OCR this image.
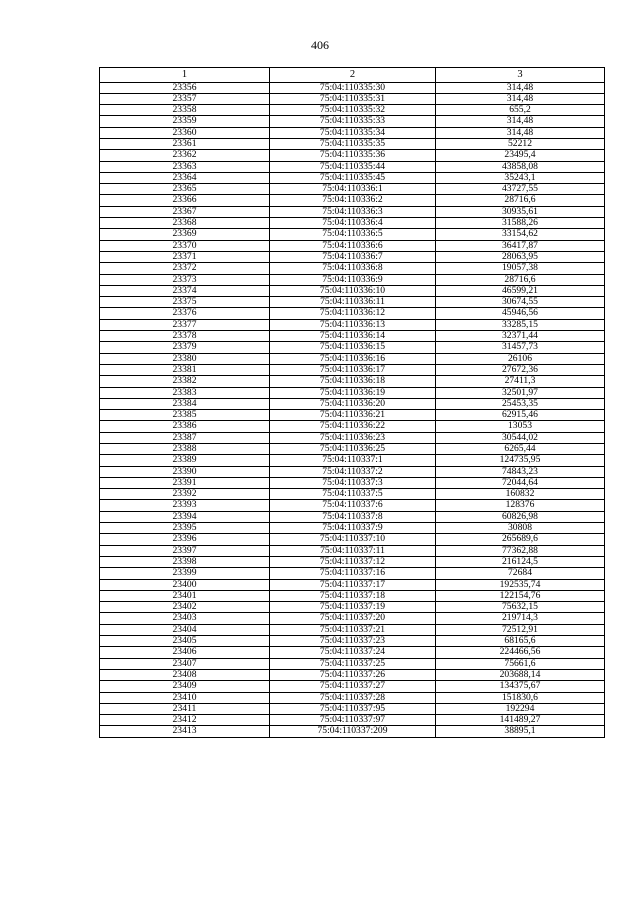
406
1	2	3
23356	75:04:110335:30	314,48
23357	75:04:110335:31	314,48
23358	75:04:110335:32	655,2
23359	75:04:110335:33	314,48
23360	75:04:110335:34	314,48
23361	75:04:110335:35	52212
23362	75:04:110335:36	23495,4
23363	75:04:110335:44	43858,08
23364	75:04:110335:45	35243,1
23365	75:04:110336:1	43727,55
23366	75:04:110336:2	28716,6
23367	75:04:110336:3	30935,61
23368	75:04:110336:4	31588,26
23369	75:04:110336:5	33154,62
23370	75:04:110336:6	36417,87
23371	75:04:110336:7	28063,95
23372	75:04:110336:8	19057,38
23373	75:04:110336:9	28716,6
23374	75:04:110336:10	46599,21
23375	75:04:110336:11	30674,55
23376	75:04:110336:12	45946,56
23377	75:04:110336:13	33285,15
23378	75:04:110336:14	32371,44
23379	75:04:110336:15	31457,73
23380	75:04:110336:16	26106
23381	75:04:110336:17	27672,36
23382	75:04:110336:18	27411,3
23383	75:04:110336:19	32501,97
23384	75:04:110336:20	25453,35
23385	75:04:110336:21	62915,46
23386	75:04:110336:22	13053
23387	75:04:110336:23	30544,02
23388	75:04:110336:25	6265,44
23389	75:04:110337:1	124735,95
23390	75:04:110337:2	74843,23
23391	75:04:110337:3	72044,64
23392	75:04:110337:5	160832
23393	75:04:110337:6	128376
23394	75:04:110337:8	60826,98
23395	75:04:110337:9	30808
23396	75:04:110337:10	265689,6
23397	75:04:110337:11	77362,88
23398	75:04:110337:12	216124,5
23399	75:04:110337:16	72684
23400	75:04:110337:17	192535,74
23401	75:04:110337:18	122154,76
23402	75:04:110337:19	75632,15
23403	75:04:110337:20	219714,3
23404	75:04:110337:21	72512,91
23405	75:04:110337:23	68165,6
23406	75:04:110337:24	224466,56
23407	75:04:110337:25	75661,6
23408	75:04:110337:26	203688,14
23409	75:04:110337:27	134375,67
23410	75:04:110337:28	151830,6
23411	75:04:110337:95	192294
23412	75:04:110337:97	141489,27
23413	75:04:110337:209	38895,1
